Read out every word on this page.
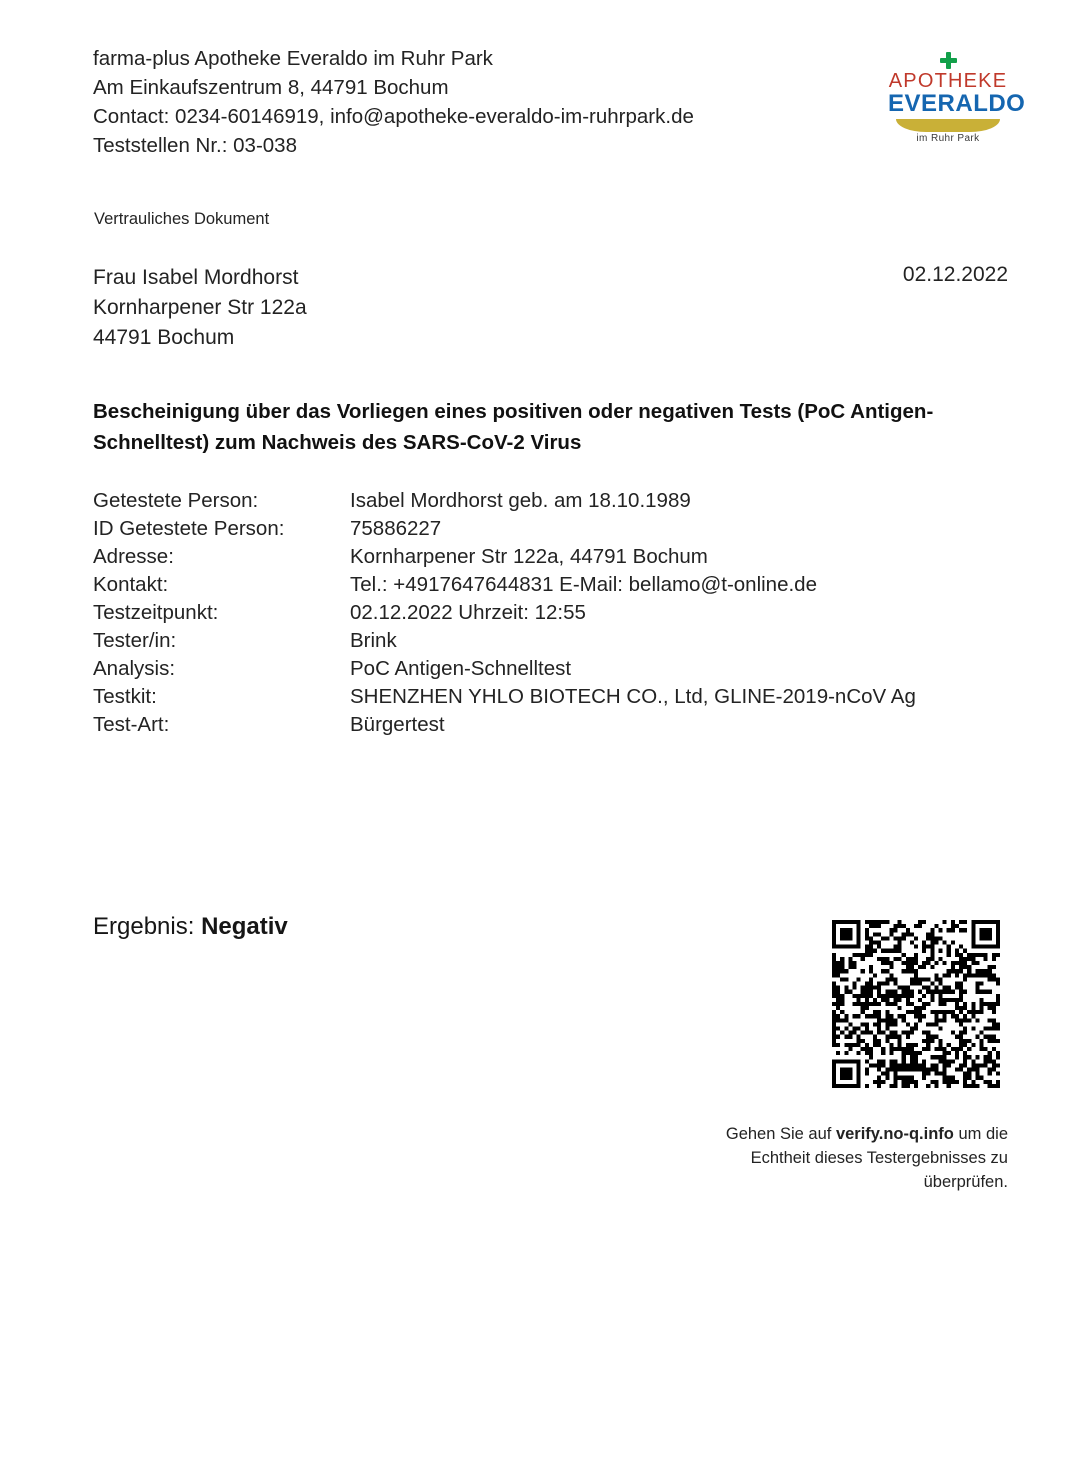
farma-plus Apotheke Everaldo im Ruhr Park
Am Einkaufszentrum 8, 44791 Bochum
Contact: 0234-60146919, info@apotheke-everaldo-im-ruhrpark.de
Teststellen Nr.: 03-038
APOTHEKE
EVERALDO
im Ruhr Park
Vertrauliches Dokument
Frau Isabel Mordhorst
Kornharpener Str 122a
44791 Bochum
02.12.2022
Bescheinigung über das Vorliegen eines positiven oder negativen Tests (PoC Antigen-Schnelltest) zum Nachweis des SARS-CoV-2 Virus
Getestete Person:	Isabel Mordhorst geb. am 18.10.1989
ID Getestete Person:	75886227
Adresse:	Kornharpener Str 122a, 44791 Bochum
Kontakt:	Tel.: +4917647644831 E-Mail: bellamo@t-online.de
Testzeitpunkt:	02.12.2022 Uhrzeit: 12:55
Tester/in:	Brink
Analysis:	PoC Antigen-Schnelltest
Testkit:	SHENZHEN YHLO BIOTECH CO., Ltd, GLINE-2019-nCoV Ag
Test-Art:	Bürgertest
Ergebnis: Negativ
Gehen Sie auf verify.no-q.info um die Echtheit dieses Testergebnisses zu überprüfen.
